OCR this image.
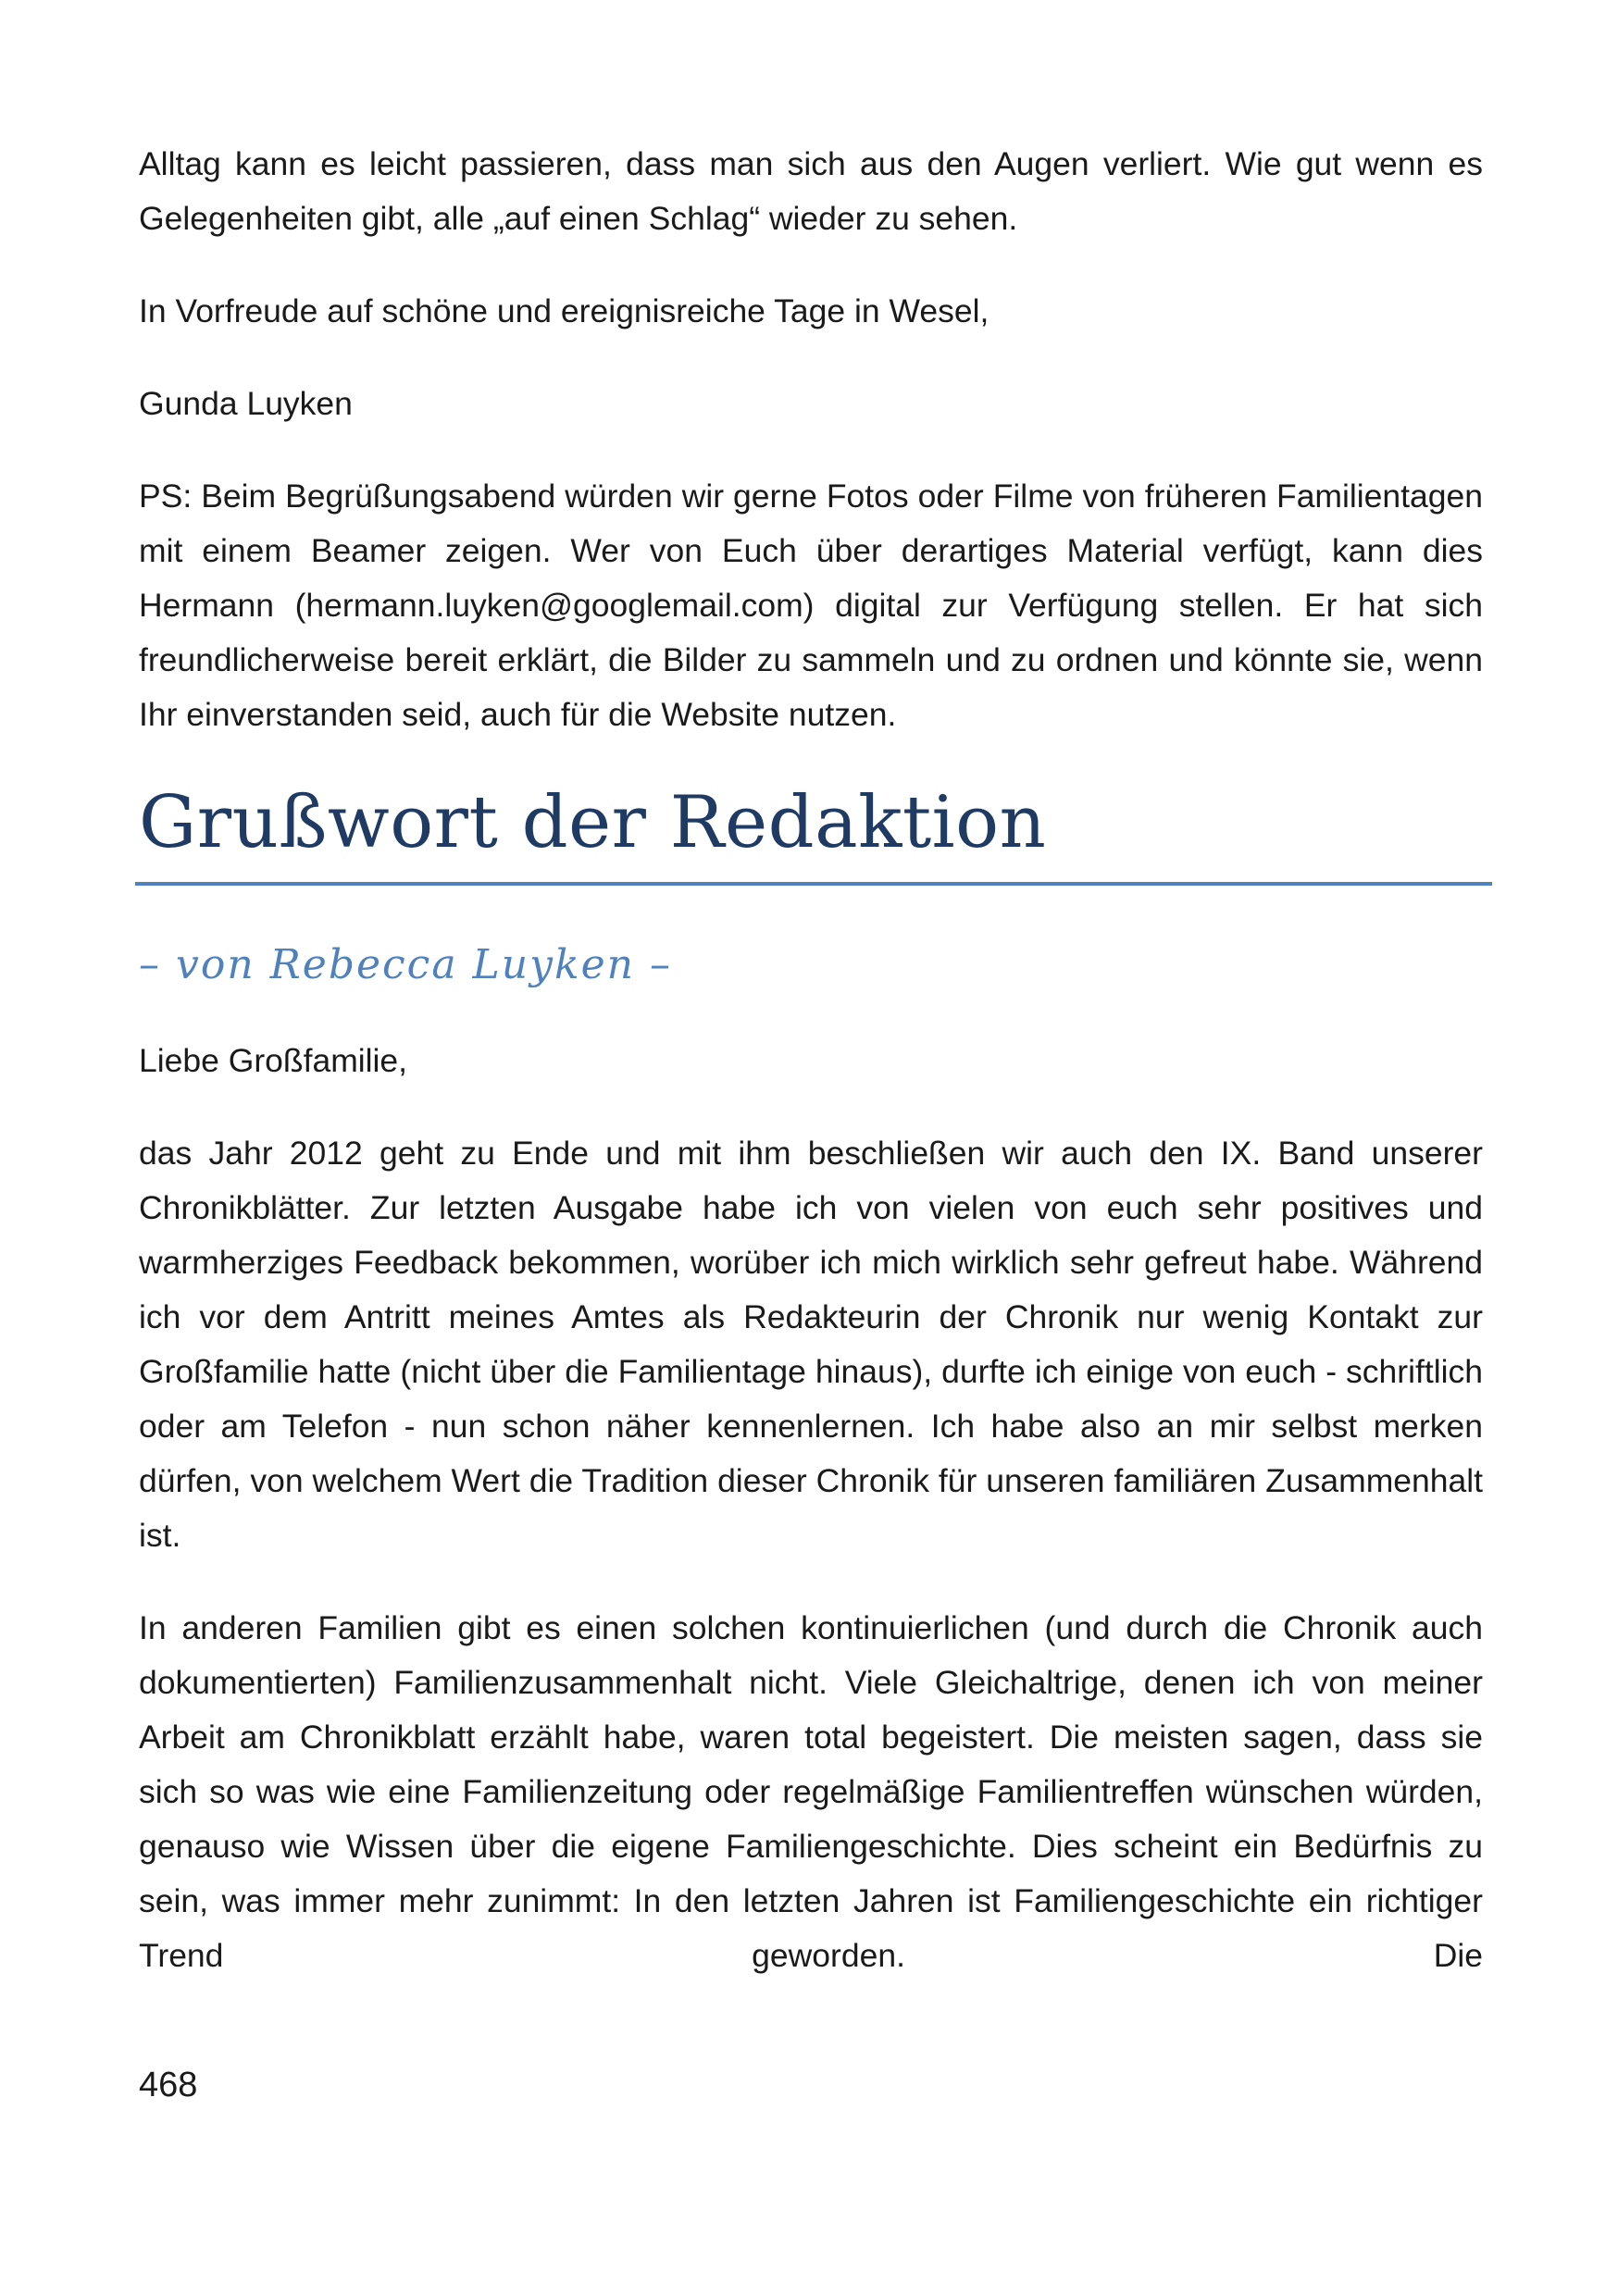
Alltag kann es leicht passieren, dass man sich aus den Augen verliert. Wie gut wenn es Gelegenheiten gibt, alle „auf einen Schlag“ wieder zu sehen.

In Vorfreude auf schöne und ereignisreiche Tage in Wesel,

Gunda Luyken

PS: Beim Begrüßungsabend würden wir gerne Fotos oder Filme von früheren Familientagen mit einem Beamer zeigen. Wer von Euch über derartiges Material verfügt, kann dies Hermann (hermann.luyken@googlemail.com) digital zur Verfügung stellen. Er hat sich freundlicherweise bereit erklärt, die Bilder zu sammeln und zu ordnen und könnte sie, wenn Ihr einverstanden seid, auch für die Website nutzen.

Grußwort der Redaktion

– von Rebecca Luyken –

Liebe Großfamilie,

das Jahr 2012 geht zu Ende und mit ihm beschließen wir auch den IX. Band unserer Chronikblätter. Zur letzten Ausgabe habe ich von vielen von euch sehr positives und warmherziges Feedback bekommen, worüber ich mich wirklich sehr gefreut habe. Während ich vor dem Antritt meines Amtes als Redakteurin der Chronik nur wenig Kontakt zur Großfamilie hatte (nicht über die Familientage hinaus), durfte ich einige von euch - schriftlich oder am Telefon - nun schon näher kennenlernen. Ich habe also an mir selbst merken dürfen, von welchem Wert die Tradition dieser Chronik für unseren familiären Zusammenhalt ist.

In anderen Familien gibt es einen solchen kontinuierlichen (und durch die Chronik auch dokumentierten) Familienzusammenhalt nicht. Viele Gleichaltrige, denen ich von meiner Arbeit am Chronikblatt erzählt habe, waren total begeistert. Die meisten sagen, dass sie sich so was wie eine Familienzeitung oder regelmäßige Familientreffen wünschen würden, genauso wie Wissen über die eigene Familiengeschichte. Dies scheint ein Bedürfnis zu sein, was immer mehr zunimmt: In den letzten Jahren ist Familiengeschichte ein richtiger Trend geworden. Die

468
